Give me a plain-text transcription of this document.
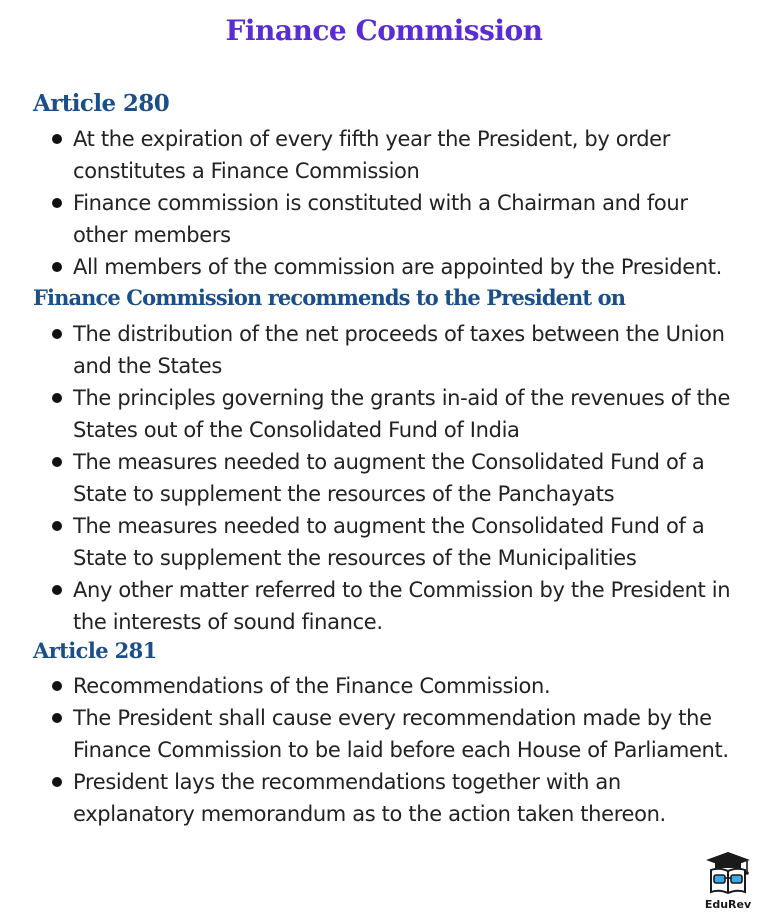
Finance Commission
Article 280
At the expiration of every fifth year the President, by order constitutes a Finance Commission
Finance commission is constituted with a Chairman and four other members
All members of the commission are appointed by the President.
Finance Commission recommends to the President on
The distribution of the net proceeds of taxes between the Union and the States
The principles governing the grants in-aid of the revenues of the States out of the Consolidated Fund of India
The measures needed to augment the Consolidated Fund of a State to supplement the resources of the Panchayats
The measures needed to augment the Consolidated Fund of a State to supplement the resources of the Municipalities
Any other matter referred to the Commission by the President in the interests of sound finance.
Article 281
Recommendations of the Finance Commission.
The President shall cause every recommendation made by the Finance Commission to be laid before each House of Parliament.
President lays the recommendations together with an explanatory memorandum as to the action taken thereon.
EduRev
